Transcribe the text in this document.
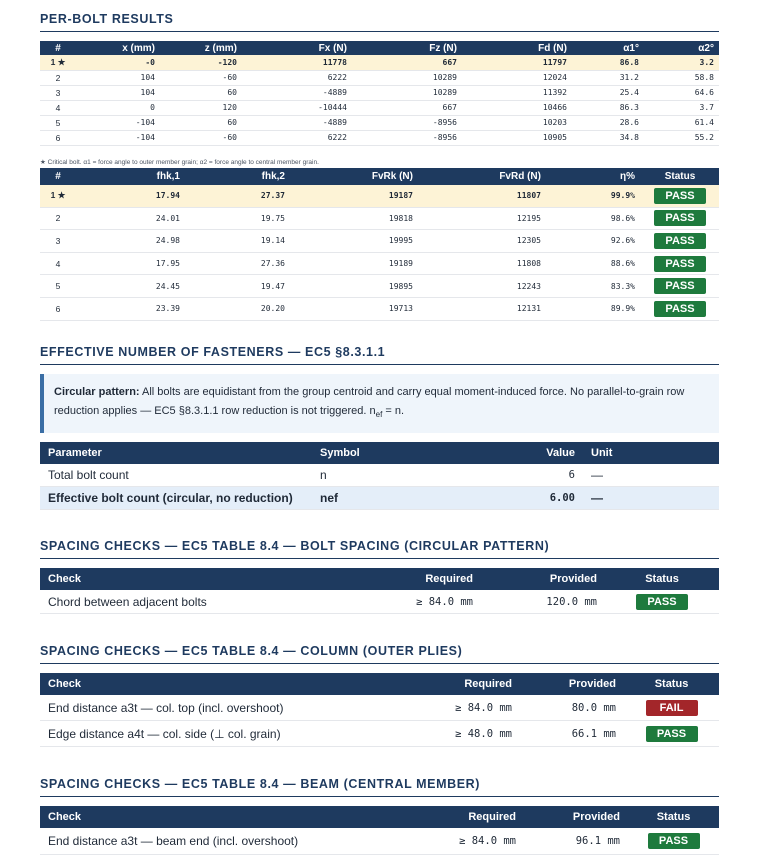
PER-BOLT RESULTS
#	x (mm)	z (mm)	Fx (N)	Fz (N)	Fd (N)	α1°	α2°
1 ★	-0	-120	11778	667	11797	86.8	3.2
2	104	-60	6222	10289	12024	31.2	58.8
3	104	60	-4889	10289	11392	25.4	64.6
4	0	120	-10444	667	10466	86.3	3.7
5	-104	60	-4889	-8956	10203	28.6	61.4
6	-104	-60	6222	-8956	10905	34.8	55.2
★ Critical bolt. α1 = force angle to outer member grain; α2 = force angle to central member grain.
#	fhk,1	fhk,2	FvRk (N)	FvRd (N)	η%	Status
1 ★	17.94	27.37	19187	11807	99.9%	PASS
2	24.01	19.75	19818	12195	98.6%	PASS
3	24.98	19.14	19995	12305	92.6%	PASS
4	17.95	27.36	19189	11808	88.6%	PASS
5	24.45	19.47	19895	12243	83.3%	PASS
6	23.39	20.20	19713	12131	89.9%	PASS
EFFECTIVE NUMBER OF FASTENERS — EC5 §8.3.1.1
Circular pattern: All bolts are equidistant from the group centroid and carry equal moment-induced force. No parallel-to-grain row reduction applies — EC5 §8.3.1.1 row reduction is not triggered. $n_{ef} = n$.
Parameter	Symbol	Value	Unit
Total bolt count	n	6	—
Effective bolt count (circular, no reduction)	nef	6.00	—
SPACING CHECKS — EC5 TABLE 8.4 — BOLT SPACING (CIRCULAR PATTERN)
Check	Required	Provided	Status
Chord between adjacent bolts	≥ 84.0 mm	120.0 mm	PASS
SPACING CHECKS — EC5 TABLE 8.4 — COLUMN (OUTER PLIES)
Check	Required	Provided	Status
End distance a3t — col. top (incl. overshoot)	≥ 84.0 mm	80.0 mm	FAIL
Edge distance a4t — col. side (⊥ col. grain)	≥ 48.0 mm	66.1 mm	PASS
SPACING CHECKS — EC5 TABLE 8.4 — BEAM (CENTRAL MEMBER)
Check	Required	Provided	Status
End distance a3t — beam end (incl. overshoot)	≥ 84.0 mm	96.1 mm	PASS
